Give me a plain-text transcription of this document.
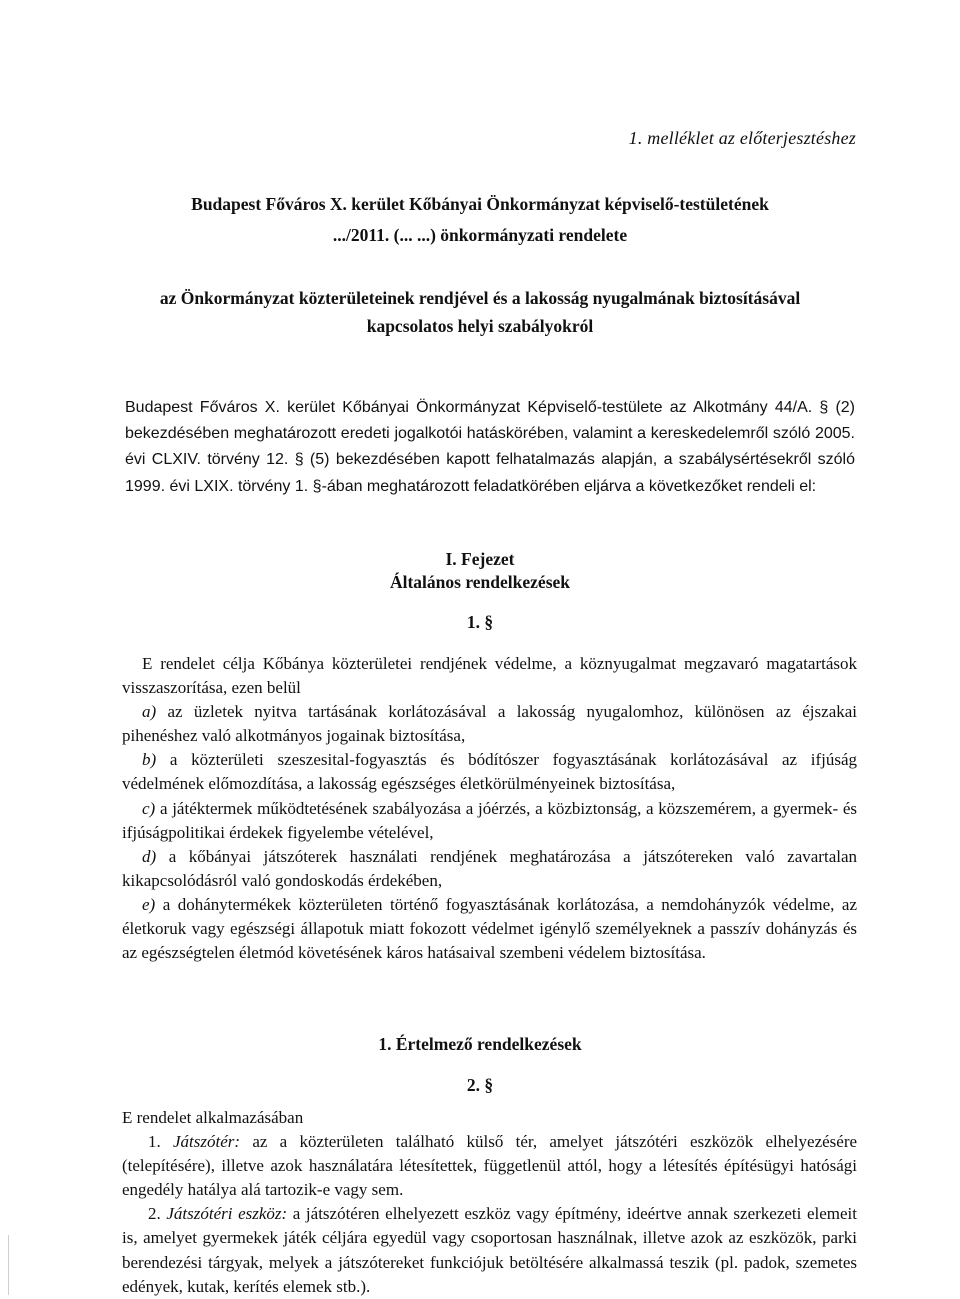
1. melléklet az előterjesztéshez
Budapest Főváros X. kerület Kőbányai Önkormányzat képviselő-testületének
.../2011. (... ...) önkormányzati rendelete
az Önkormányzat közterületeinek rendjével és a lakosság nyugalmának biztosításával
kapcsolatos helyi szabályokról
Budapest Főváros X. kerület Kőbányai Önkormányzat Képviselő-testülete az Alkotmány 44/A. § (2) bekezdésében meghatározott eredeti jogalkotói hatáskörében, valamint a kereskedelemről szóló 2005. évi CLXIV. törvény 12. § (5) bekezdésében kapott felhatalmazás alapján, a szabálysértésekről szóló 1999. évi LXIX. törvény 1. §-ában meghatározott feladatkörében eljárva a következőket rendeli el:
I. Fejezet
Általános rendelkezések
1. §

E rendelet célja Kőbánya közterületei rendjének védelme, a köznyugalmat megzavaró magatartások visszaszorítása, ezen belül

a) az üzletek nyitva tartásának korlátozásával a lakosság nyugalomhoz, különösen az éjszakai pihenéshez való alkotmányos jogainak biztosítása,

b) a közterületi szeszesital-fogyasztás és bódítószer fogyasztásának korlátozásával az ifjúság védelmének előmozdítása, a lakosság egészséges életkörülményeinek biztosítása,

c) a játéktermek működtetésének szabályozása a jóérzés, a közbiztonság, a közszemérem, a gyermek- és ifjúságpolitikai érdekek figyelembe vételével,

d) a kőbányai játszóterek használati rendjének meghatározása a játszótereken való zavartalan kikapcsolódásról való gondoskodás érdekében,

e) a dohánytermékek közterületen történő fogyasztásának korlátozása, a nemdohányzók védelme, az életkoruk vagy egészségi állapotuk miatt fokozott védelmet igénylő személyeknek a passzív dohányzás és az egészségtelen életmód követésének káros hatásaival szembeni védelem biztosítása.

1. Értelmező rendelkezések
2. §

E rendelet alkalmazásában

1. Játszótér: az a közterületen található külső tér, amelyet játszótéri eszközök elhelyezésére (telepítésére), illetve azok használatára létesítettek, függetlenül attól, hogy a létesítés építésügyi hatósági engedély hatálya alá tartozik-e vagy sem.

2. Játszótéri eszköz: a játszótéren elhelyezett eszköz vagy építmény, ideértve annak szerkezeti elemeit is, amelyet gyermekek játék céljára egyedül vagy csoportosan használnak, illetve azok az eszközök, parki berendezési tárgyak, melyek a játszótereket funkciójuk betöltésére alkalmassá teszik (pl. padok, szemetes edények, kutak, kerítés elemek stb.).
